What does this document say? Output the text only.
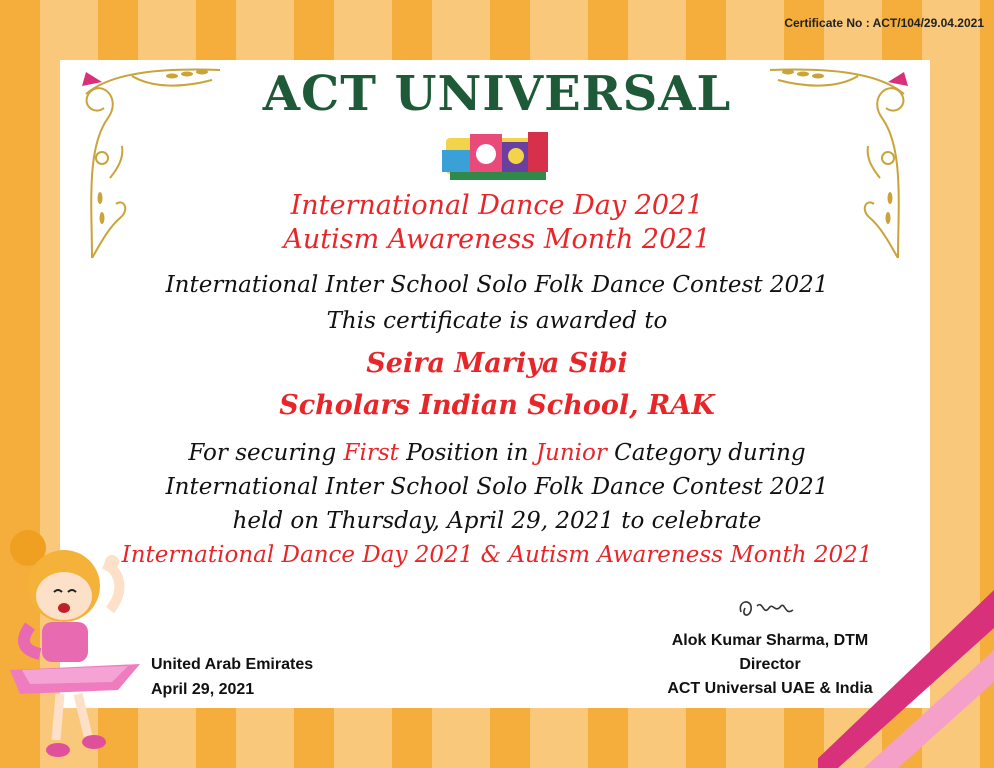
Certificate No : ACT/104/29.04.2021
ACT UNIVERSAL
International Dance Day 2021
Autism Awareness Month 2021
International Inter School Solo Folk Dance Contest 2021
This certificate is awarded to
Seira Mariya Sibi
Scholars Indian School, RAK
For securing First Position in Junior Category during
International Inter School Solo Folk Dance Contest 2021
held on Thursday, April 29, 2021 to celebrate
International Dance Day 2021 & Autism Awareness Month 2021
Alok Kumar Sharma, DTM
Director
ACT Universal UAE & India
United Arab Emirates
April 29, 2021
